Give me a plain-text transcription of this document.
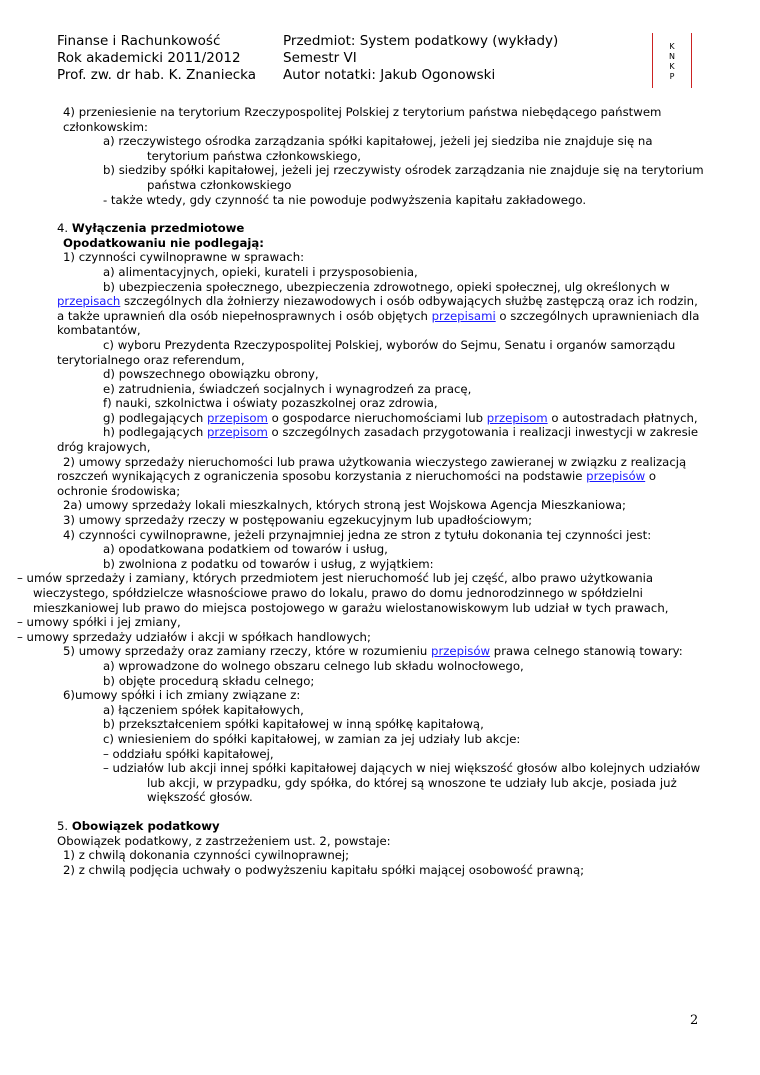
Finanse i Rachunkowość
Rok akademicki 2011/2012
Prof. zw. dr hab. K. Znaniecka
Przedmiot: System podatkowy (wykłady)
Semestr VI
Autor notatki: Jakub Ogonowski
K
N
K
P

4) przeniesienie na terytorium Rzeczypospolitej Polskiej z terytorium państwa niebędącego państwem członkowskim:

a) rzeczywistego ośrodka zarządzania spółki kapitałowej, jeżeli jej siedziba nie znajduje się na terytorium państwa członkowskiego,

b) siedziby spółki kapitałowej, jeżeli jej rzeczywisty ośrodek zarządzania nie znajduje się na terytorium państwa członkowskiego

- także wtedy, gdy czynność ta nie powoduje podwyższenia kapitału zakładowego.

4. Wyłączenia przedmiotowe

Opodatkowaniu nie podlegają:

1) czynności cywilnoprawne w sprawach:

a) alimentacyjnych, opieki, kurateli i przysposobienia,

b) ubezpieczenia społecznego, ubezpieczenia zdrowotnego, opieki społecznej, ulg określonych w przepisach szczególnych dla żołnierzy niezawodowych i osób odbywających służbę zastępczą oraz ich rodzin, a także uprawnień dla osób niepełnosprawnych i osób objętych przepisami o szczególnych uprawnieniach dla kombatantów,

c) wyboru Prezydenta Rzeczypospolitej Polskiej, wyborów do Sejmu, Senatu i organów samorządu terytorialnego oraz referendum,

d) powszechnego obowiązku obrony,

e) zatrudnienia, świadczeń socjalnych i wynagrodzeń za pracę,

f) nauki, szkolnictwa i oświaty pozaszkolnej oraz zdrowia,

g) podlegających przepisom o gospodarce nieruchomościami lub przepisom o autostradach płatnych,

h) podlegających przepisom o szczególnych zasadach przygotowania i realizacji inwestycji w zakresie dróg krajowych,

2) umowy sprzedaży nieruchomości lub prawa użytkowania wieczystego zawieranej w związku z realizacją roszczeń wynikających z ograniczenia sposobu korzystania z nieruchomości na podstawie przepisów o ochronie środowiska;

2a) umowy sprzedaży lokali mieszkalnych, których stroną jest Wojskowa Agencja Mieszkaniowa;

3) umowy sprzedaży rzeczy w postępowaniu egzekucyjnym lub upadłościowym;

4) czynności cywilnoprawne, jeżeli przynajmniej jedna ze stron z tytułu dokonania tej czynności jest:

a) opodatkowana podatkiem od towarów i usług,

b) zwolniona z podatku od towarów i usług, z wyjątkiem:

– umów sprzedaży i zamiany, których przedmiotem jest nieruchomość lub jej część, albo prawo użytkowania wieczystego, spółdzielcze własnościowe prawo do lokalu, prawo do domu jednorodzinnego w spółdzielni mieszkaniowej lub prawo do miejsca postojowego w garażu wielostanowiskowym lub udział w tych prawach,

– umowy spółki i jej zmiany,

– umowy sprzedaży udziałów i akcji w spółkach handlowych;

5) umowy sprzedaży oraz zamiany rzeczy, które w rozumieniu przepisów prawa celnego stanowią towary:

a) wprowadzone do wolnego obszaru celnego lub składu wolnocłowego,

b) objęte procedurą składu celnego;

6)umowy spółki i ich zmiany związane z:

a) łączeniem spółek kapitałowych,

b) przekształceniem spółki kapitałowej w inną spółkę kapitałową,

c) wniesieniem do spółki kapitałowej, w zamian za jej udziały lub akcje:

– oddziału spółki kapitałowej,

– udziałów lub akcji innej spółki kapitałowej dających w niej większość głosów albo kolejnych udziałów lub akcji, w przypadku, gdy spółka, do której są wnoszone te udziały lub akcje, posiada już większość głosów.

5. Obowiązek podatkowy

Obowiązek podatkowy, z zastrzeżeniem ust. 2, powstaje:

1) z chwilą dokonania czynności cywilnoprawnej;

2) z chwilą podjęcia uchwały o podwyższeniu kapitału spółki mającej osobowość prawną;

2
